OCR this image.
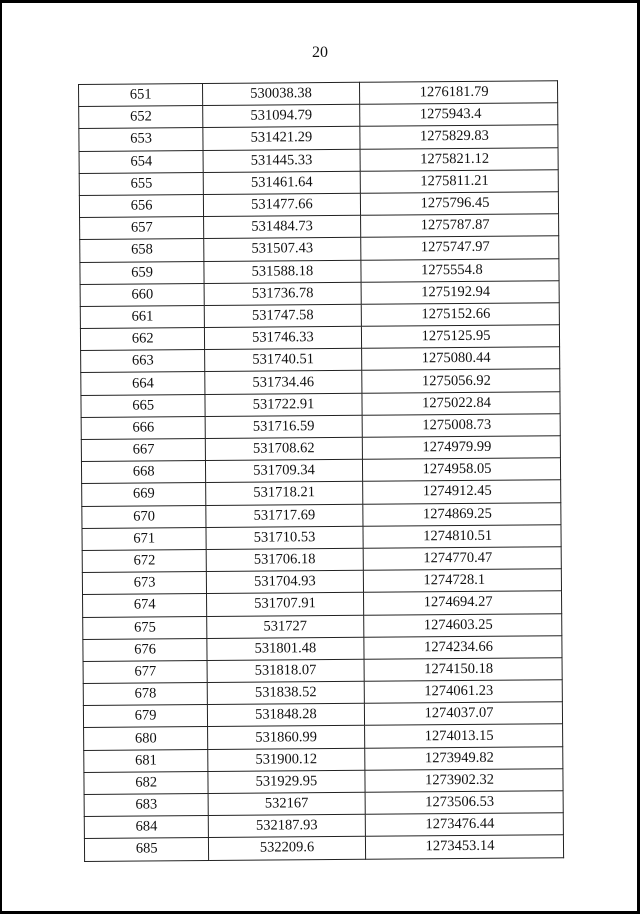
20
651	530038.38	1276181.79
652	531094.79	1275943.4
653	531421.29	1275829.83
654	531445.33	1275821.12
655	531461.64	1275811.21
656	531477.66	1275796.45
657	531484.73	1275787.87
658	531507.43	1275747.97
659	531588.18	1275554.8
660	531736.78	1275192.94
661	531747.58	1275152.66
662	531746.33	1275125.95
663	531740.51	1275080.44
664	531734.46	1275056.92
665	531722.91	1275022.84
666	531716.59	1275008.73
667	531708.62	1274979.99
668	531709.34	1274958.05
669	531718.21	1274912.45
670	531717.69	1274869.25
671	531710.53	1274810.51
672	531706.18	1274770.47
673	531704.93	1274728.1
674	531707.91	1274694.27
675	531727	1274603.25
676	531801.48	1274234.66
677	531818.07	1274150.18
678	531838.52	1274061.23
679	531848.28	1274037.07
680	531860.99	1274013.15
681	531900.12	1273949.82
682	531929.95	1273902.32
683	532167	1273506.53
684	532187.93	1273476.44
685	532209.6	1273453.14
